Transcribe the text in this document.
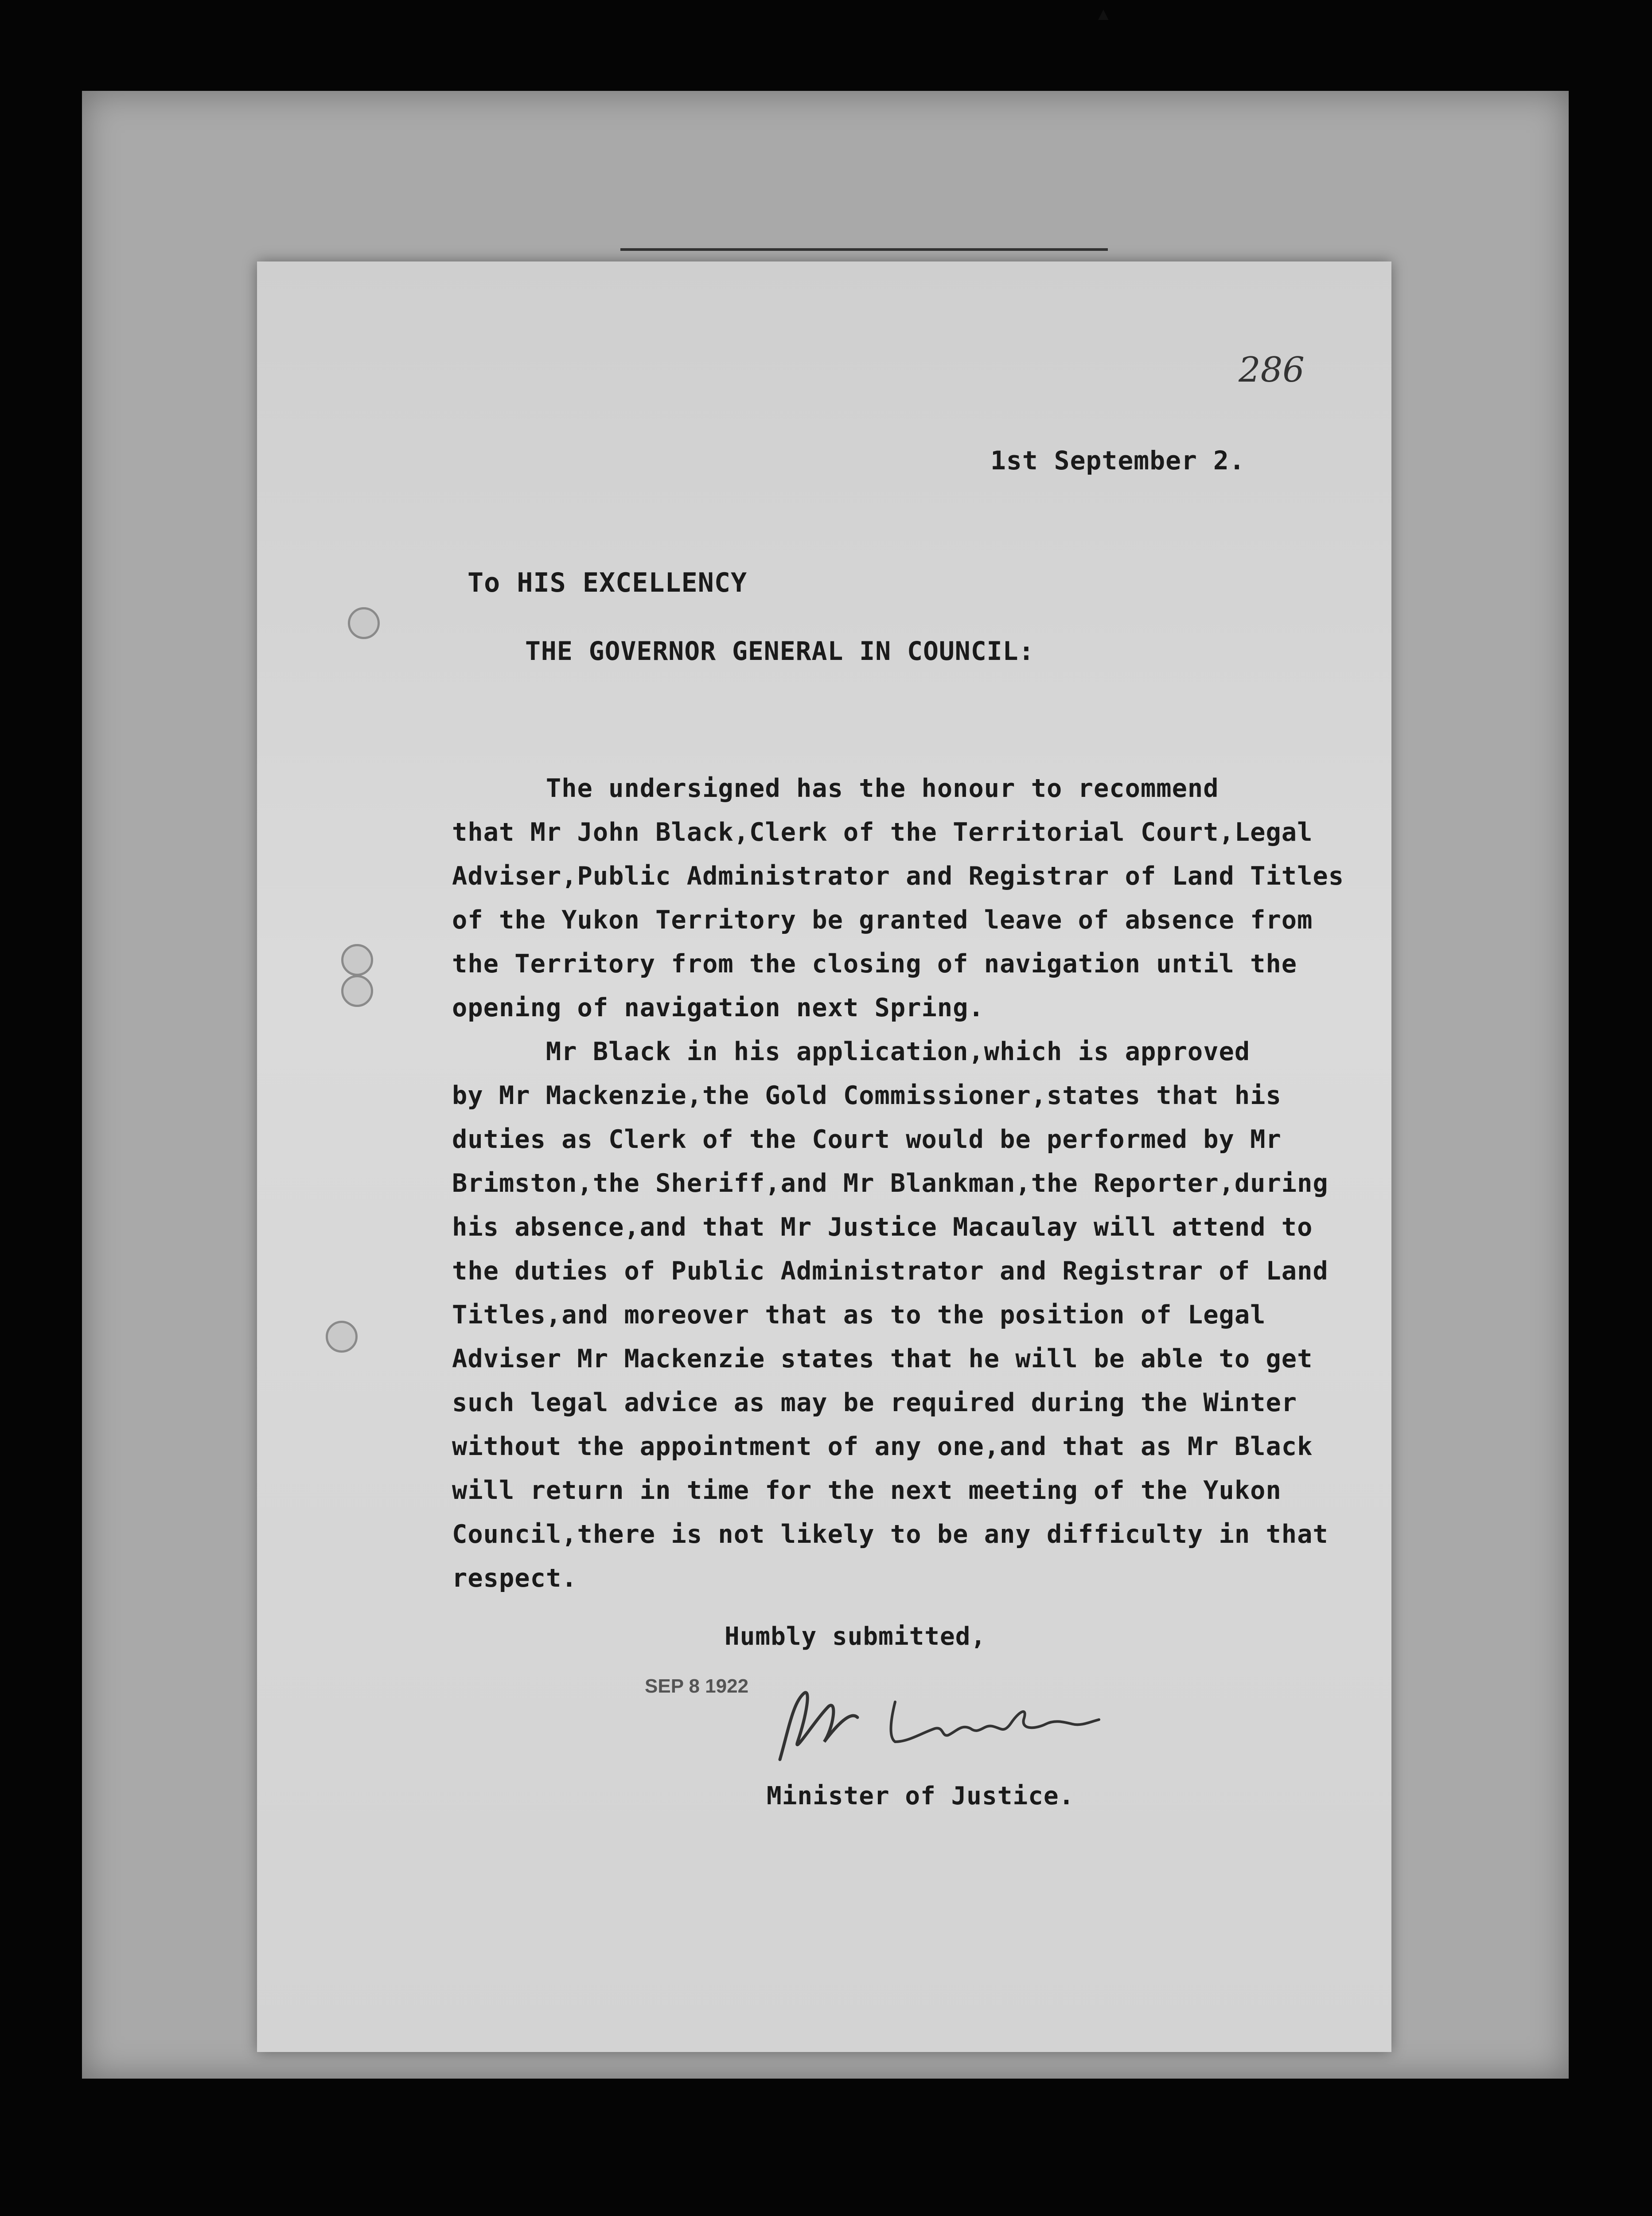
286
1st September 2.
To HIS EXCELLENCY
THE GOVERNOR GENERAL IN COUNCIL:
The undersigned has the honour to recommend
that Mr John Black,Clerk of the Territorial Court,Legal
Adviser,Public Administrator and Registrar of Land Titles
of the Yukon Territory be granted leave of absence from
the Territory from the closing of navigation until the
opening of navigation next Spring.
Mr Black in his application,which is approved
by Mr Mackenzie,the Gold Commissioner,states that his
duties as Clerk of the Court would be performed by Mr
Brimston,the Sheriff,and Mr Blankman,the Reporter,during
his absence,and that Mr Justice Macaulay will attend to
the duties of Public Administrator and Registrar of Land
Titles,and moreover that as to the position of Legal
Adviser Mr Mackenzie states that he will be able to get
such legal advice as may be required during the Winter
without the appointment of any one,and that as Mr Black
will return in time for the next meeting of the Yukon
Council,there is not likely to be any difficulty in that
respect.
Humbly submitted,
SEP 8 1922
Minister of Justice.
▲
